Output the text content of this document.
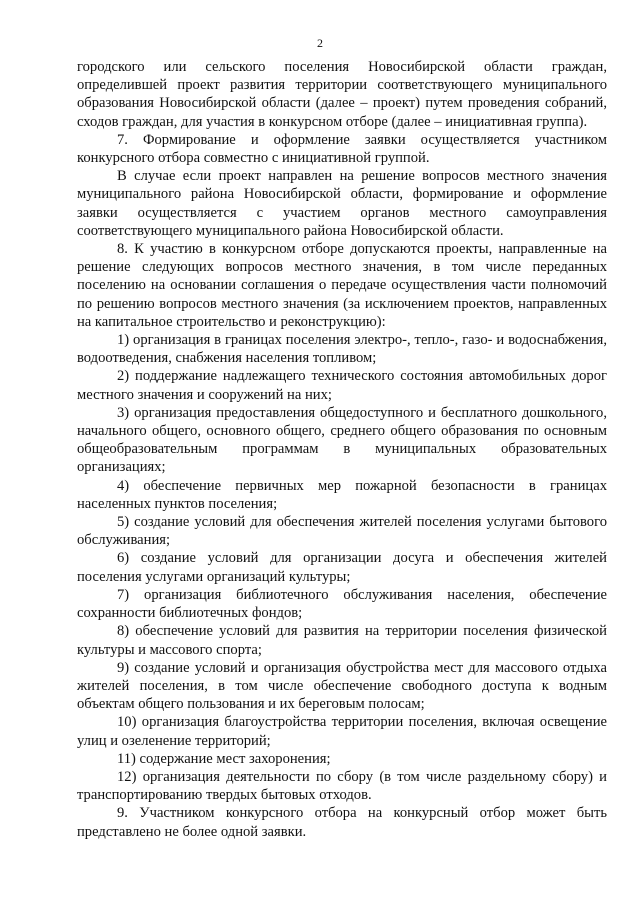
2

городского или сельского поселения Новосибирской области граждан, определившей проект развития территории соответствующего муниципального образования Новосибирской области (далее – проект) путем проведения собраний, сходов граждан, для участия в конкурсном отборе (далее – инициативная группа).

7. Формирование и оформление заявки осуществляется участником конкурсного отбора совместно с инициативной группой.

В случае если проект направлен на решение вопросов местного значения муниципального района Новосибирской области, формирование и оформление заявки осуществляется с участием органов местного самоуправления соответствующего муниципального района Новосибирской области.

8. К участию в конкурсном отборе допускаются проекты, направленные на решение следующих вопросов местного значения, в том числе переданных поселению на основании соглашения о передаче осуществления части полномочий по решению вопросов местного значения (за исключением проектов, направленных на капитальное строительство и реконструкцию):

1) организация в границах поселения электро-, тепло-, газо- и водоснабжения, водоотведения, снабжения населения топливом;

2) поддержание надлежащего технического состояния автомобильных дорог местного значения и сооружений на них;

3) организация предоставления общедоступного и бесплатного дошкольного, начального общего, основного общего, среднего общего образования по основным общеобразовательным программам в муниципальных образовательных организациях;

4) обеспечение первичных мер пожарной безопасности в границах населенных пунктов поселения;

5) создание условий для обеспечения жителей поселения услугами бытового обслуживания;

6) создание условий для организации досуга и обеспечения жителей поселения услугами организаций культуры;

7) организация библиотечного обслуживания населения, обеспечение сохранности библиотечных фондов;

8) обеспечение условий для развития на территории поселения физической культуры и массового спорта;

9) создание условий и организация обустройства мест для массового отдыха жителей поселения, в том числе обеспечение свободного доступа к водным объектам общего пользования и их береговым полосам;

10) организация благоустройства территории поселения, включая освещение улиц и озеленение территорий;

11) содержание мест захоронения;

12) организация деятельности по сбору (в том числе раздельному сбору) и транспортированию твердых бытовых отходов.

9. Участником конкурсного отбора на конкурсный отбор может быть представлено не более одной заявки.
